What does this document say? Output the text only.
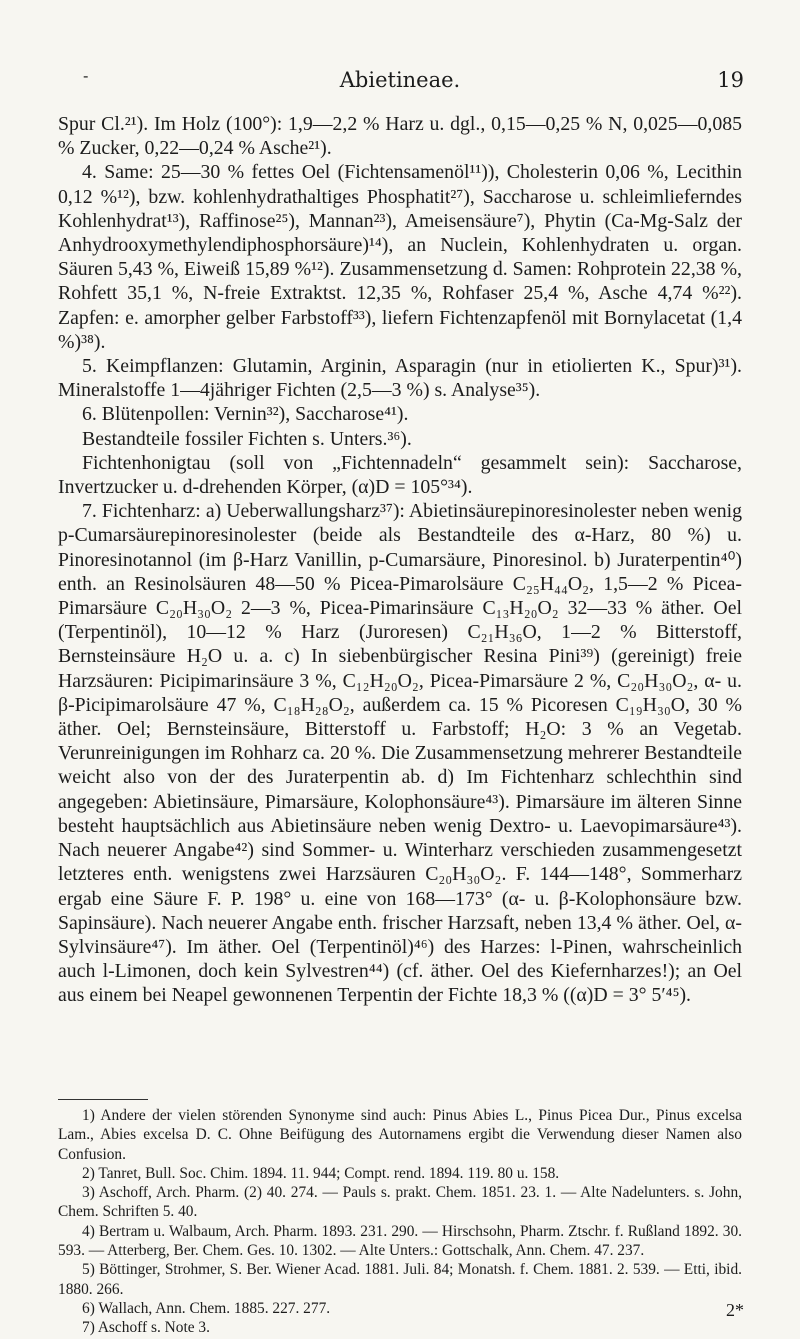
-	Abietineae.	19

Spur Cl.²¹). Im Holz (100°): 1,9—2,2 % Harz u. dgl., 0,15—0,25 % N, 0,025—0,085 % Zucker, 0,22—0,24 % Asche²¹).

4. Same: 25—30 % fettes Oel (Fichtensamenöl¹¹)), Cholesterin 0,06 %, Lecithin 0,12 %¹²), bzw. kohlenhydrathaltiges Phosphatit²⁷), Saccharose u. schleimlieferndes Kohlenhydrat¹³), Raffinose²⁵), Mannan²³), Ameisensäure⁷), Phytin (Ca-Mg-Salz der Anhydrooxymethylendiphosphorsäure)¹⁴), an Nuclein, Kohlenhydraten u. organ. Säuren 5,43 %, Eiweiß 15,89 %¹²). Zusammensetzung d. Samen: Rohprotein 22,38 %, Rohfett 35,1 %, N-freie Extraktst. 12,35 %, Rohfaser 25,4 %, Asche 4,74 %²²). Zapfen: e. amorpher gelber Farbstoff³³), liefern Fichtenzapfenöl mit Bornylacetat (1,4 %)³⁸).

5. Keimpflanzen: Glutamin, Arginin, Asparagin (nur in etiolierten K., Spur)³¹). Mineralstoffe 1—4jähriger Fichten (2,5—3 %) s. Analyse³⁵).

6. Blütenpollen: Vernin³²), Saccharose⁴¹).

Bestandteile fossiler Fichten s. Unters.³⁶).

Fichtenhonigtau (soll von „Fichtennadeln“ gesammelt sein): Saccharose, Invertzucker u. d-drehenden Körper, (α)D = 105°³⁴).

7. Fichtenharz: a) Ueberwallungsharz³⁷): Abietinsäurepinoresinolester neben wenig p-Cumarsäurepinoresinolester (beide als Bestandteile des α-Harz, 80 %) u. Pinoresinotannol (im β-Harz Vanillin, p-Cumarsäure, Pinoresinol. b) Juraterpentin⁴⁰) enth. an Resinolsäuren 48—50 % Picea-Pimarolsäure C₂₅H₄₄O₂, 1,5—2 % Picea-Pimarsäure C₂₀H₃₀O₂ 2—3 %, Picea-Pimarinsäure C₁₃H₂₀O₂ 32—33 % äther. Oel (Terpentinöl), 10—12 % Harz (Juroresen) C₂₁H₃₆O, 1—2 % Bitterstoff, Bernsteinsäure H₂O u. a. c) In siebenbürgischer Resina Pini³⁹) (gereinigt) freie Harzsäuren: Picipimarinsäure 3 %, C₁₂H₂₀O₂, Picea-Pimarsäure 2 %, C₂₀H₃₀O₂, α- u. β-Picipimarolsäure 47 %, C₁₈H₂₈O₂, außerdem ca. 15 % Picoresen C₁₉H₃₀O, 30 % äther. Oel; Bernsteinsäure, Bitterstoff u. Farbstoff; H₂O: 3 % an Vegetab. Verunreinigungen im Rohharz ca. 20 %. Die Zusammensetzung mehrerer Bestandteile weicht also von der des Juraterpentin ab. d) Im Fichtenharz schlechthin sind angegeben: Abietinsäure, Pimarsäure, Kolophonsäure⁴³). Pimarsäure im älteren Sinne besteht hauptsächlich aus Abietinsäure neben wenig Dextro- u. Laevopimarsäure⁴³). Nach neuerer Angabe⁴²) sind Sommer- u. Winterharz verschieden zusammengesetzt letzteres enth. wenigstens zwei Harzsäuren C₂₀H₃₀O₂. F. 144—148°, Sommerharz ergab eine Säure F. P. 198° u. eine von 168—173° (α- u. β-Kolophonsäure bzw. Sapinsäure). Nach neuerer Angabe enth. frischer Harzsaft, neben 13,4 % äther. Oel, α-Sylvinsäure⁴⁷). Im äther. Oel (Terpentinöl)⁴⁶) des Harzes: l-Pinen, wahrscheinlich auch l-Limonen, doch kein Sylvestren⁴⁴) (cf. äther. Oel des Kiefernharzes!); an Oel aus einem bei Neapel gewonnenen Terpentin der Fichte 18,3 % ((α)D = 3° 5′⁴⁵).

1) Andere der vielen störenden Synonyme sind auch: Pinus Abies L., Pinus Picea Dur., Pinus excelsa Lam., Abies excelsa D. C. Ohne Beifügung des Autornamens ergibt die Verwendung dieser Namen also Confusion.

2) Tanret, Bull. Soc. Chim. 1894. 11. 944; Compt. rend. 1894. 119. 80 u. 158.

3) Aschoff, Arch. Pharm. (2) 40. 274. — Pauls s. prakt. Chem. 1851. 23. 1. — Alte Nadelunters. s. John, Chem. Schriften 5. 40.

4) Bertram u. Walbaum, Arch. Pharm. 1893. 231. 290. — Hirschsohn, Pharm. Ztschr. f. Rußland 1892. 30. 593. — Atterberg, Ber. Chem. Ges. 10. 1302. — Alte Unters.: Gottschalk, Ann. Chem. 47. 237.

5) Böttinger, Strohmer, S. Ber. Wiener Acad. 1881. Juli. 84; Monatsh. f. Chem. 1881. 2. 539. — Etti, ibid. 1880. 266.

6) Wallach, Ann. Chem. 1885. 227. 277.

7) Aschoff s. Note 3.

2*
